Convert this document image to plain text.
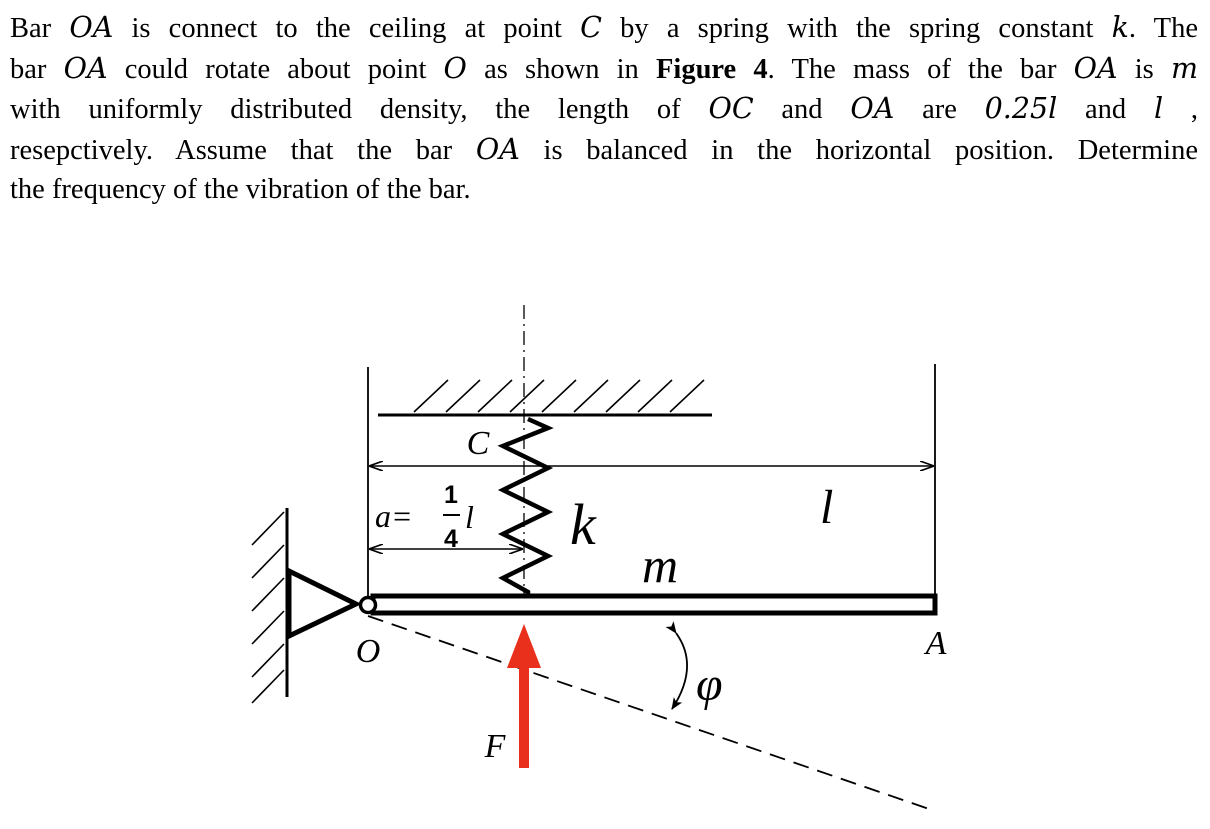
Bar OA is connect to the ceiling at point C by a spring with the spring constant k. The
bar OA could rotate about point O as shown in Figure 4. The mass of the bar OA is m
with uniformly distributed density, the length of OC and OA are 0.25l and l ,
resepctively. Assume that the bar OA is balanced in the horizontal position. Determine
the frequency of the vibration of the bar.
C
a=
1
4
l k	l
m
O	A
φ
F
